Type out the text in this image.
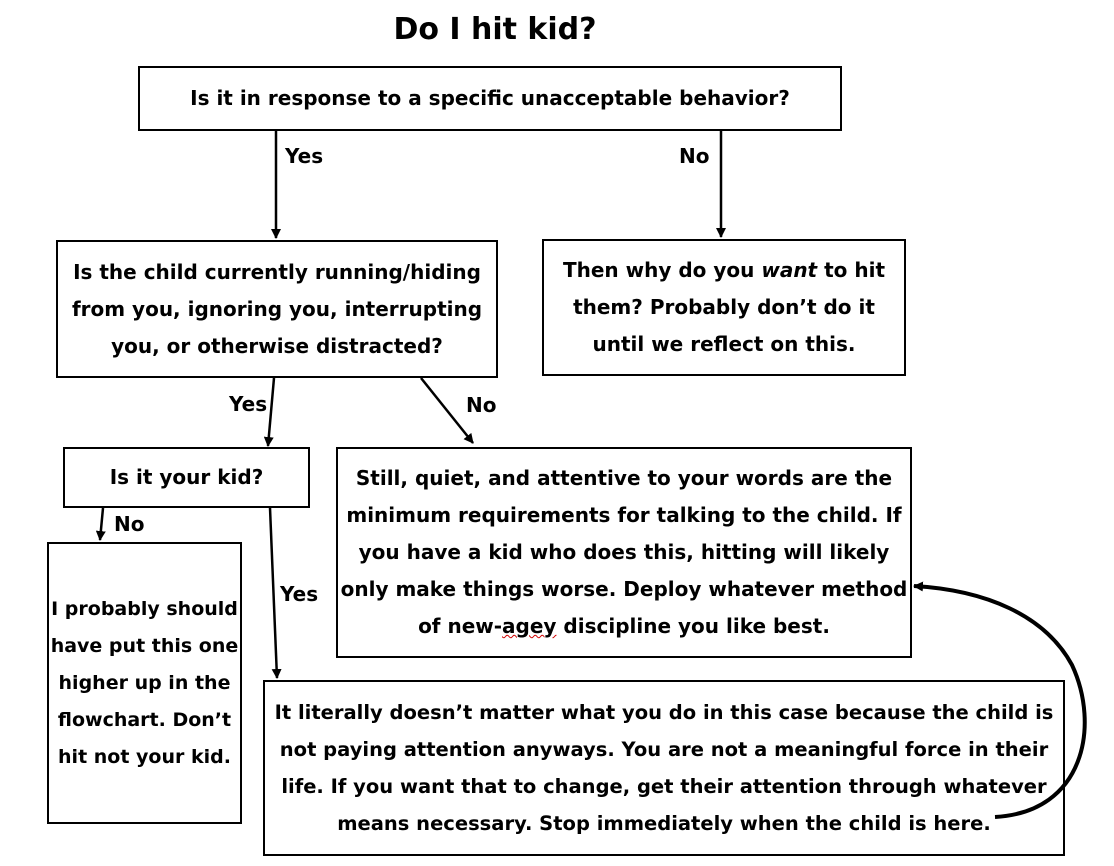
Do I hit kid?

Is it in response to a specific unacceptable behavior?

Is the child currently running/hiding from you, ignoring you, interrupting you, or otherwise distracted?

Then why do you want to hit them? Probably don’t do it until we reflect on this.

Is it your kid?	Still, quiet, and attentive to your words are the minimum requirements for talking to the child. If you have a kid who does this, hitting will likely only make things worse. Deploy whatever method of new-agey discipline you like best.

I probably should have put this one higher up in the flowchart. Don’t hit not your kid.

It literally doesn’t matter what you do in this case because the child is not paying attention anyways. You are not a meaningful force in their life. If you want that to change, get their attention through whatever means necessary. Stop immediately when the child is here.

Yes	No
Yes	No
No
Yes
